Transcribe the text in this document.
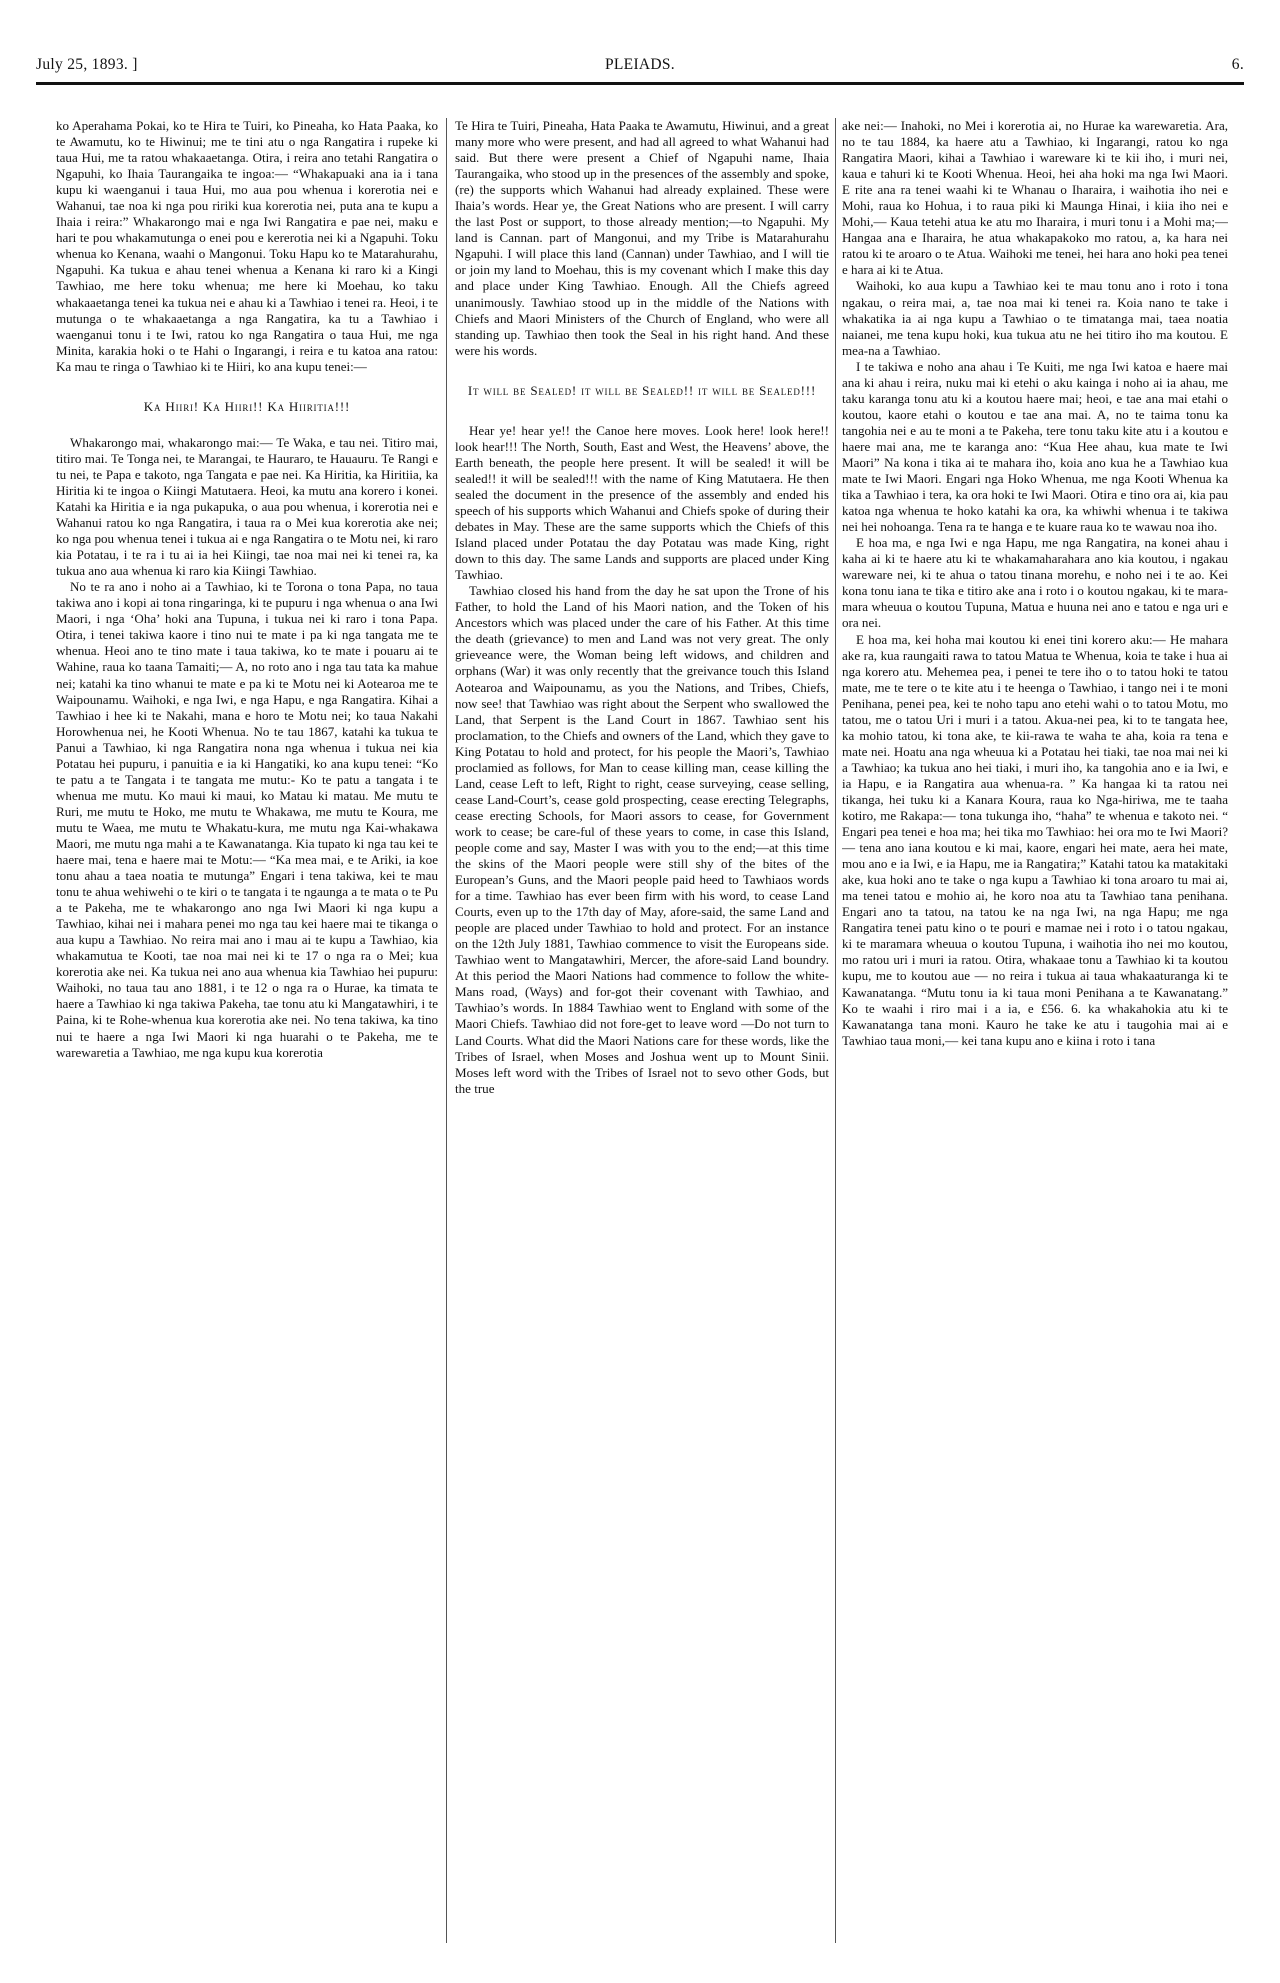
July 25, 1893. ]	PLEIADS.	6.

ko Aperahama Pokai, ko te Hira te Tuiri, ko Pineaha, ko Hata Paaka, ko te Awamutu, ko te Hiwinui; me te tini atu o nga Rangatira i rupeke ki taua Hui, me ta ratou whakaaetanga. Otira, i reira ano tetahi Rangatira o Ngapuhi, ko Ihaia Taurangaika te ingoa:— “Whakapuaki ana ia i tana kupu ki waenganui i taua Hui, mo aua pou whenua i korerotia nei e Wahanui, tae noa ki nga pou ririki kua korerotia nei, puta ana te kupu a Ihaia i reira:” Whakarongo mai e nga Iwi Rangatira e pae nei, maku e hari te pou whakamutunga o enei pou e kererotia nei ki a Ngapuhi. Toku whenua ko Kenana, waahi o Mangonui. Toku Hapu ko te Matarahurahu, Ngapuhi. Ka tukua e ahau tenei whenua a Kenana ki raro ki a Kingi Tawhiao, me here toku whenua; me here ki Moehau, ko taku whakaaetanga tenei ka tukua nei e ahau ki a Tawhiao i tenei ra. Heoi, i te mutunga o te whakaaetanga a nga Rangatira, ka tu a Tawhiao i waenganui tonu i te Iwi, ratou ko nga Rangatira o taua Hui, me nga Minita, karakia hoki o te Hahi o Ingarangi, i reira e tu katoa ana ratou: Ka mau te ringa o Tawhiao ki te Hiiri, ko ana kupu tenei:—

Ka Hiiri! Ka Hiiri!! Ka Hiiritia!!!

Whakarongo mai, whakarongo mai:— Te Waka, e tau nei. Titiro mai, titiro mai. Te Tonga nei, te Marangai, te Hauraro, te Hauauru. Te Rangi e tu nei, te Papa e takoto, nga Tangata e pae nei. Ka Hiritia, ka Hiritiia, ka Hiritia ki te ingoa o Kiingi Matutaera. Heoi, ka mutu ana korero i konei. Katahi ka Hiritia e ia nga pukapuka, o aua pou whenua, i korerotia nei e Wahanui ratou ko nga Rangatira, i taua ra o Mei kua korerotia ake nei; ko nga pou whenua tenei i tukua ai e nga Rangatira o te Motu nei, ki raro kia Potatau, i te ra i tu ai ia hei Kiingi, tae noa mai nei ki tenei ra, ka tukua ano aua whenua ki raro kia Kiingi Tawhiao.

No te ra ano i noho ai a Tawhiao, ki te Torona o tona Papa, no taua takiwa ano i kopi ai tona ringaringa, ki te pupuru i nga whenua o ana Iwi Maori, i nga ‘Oha’ hoki ana Tupuna, i tukua nei ki raro i tona Papa. Otira, i tenei takiwa kaore i tino nui te mate i pa ki nga tangata me te whenua. Heoi ano te tino mate i taua takiwa, ko te mate i pouaru ai te Wahine, raua ko taana Tamaiti;— A, no roto ano i nga tau tata ka mahue nei; katahi ka tino whanui te mate e pa ki te Motu nei ki Aotearoa me te Waipounamu. Waihoki, e nga Iwi, e nga Hapu, e nga Rangatira. Kihai a Tawhiao i hee ki te Nakahi, mana e horo te Motu nei; ko taua Nakahi Horowhenua nei, he Kooti Whenua. No te tau 1867, katahi ka tukua te Panui a Tawhiao, ki nga Rangatira nona nga whenua i tukua nei kia Potatau hei pupuru, i panuitia e ia ki Hangatiki, ko ana kupu tenei: “Ko te patu a te Tangata i te tangata me mutu:- Ko te patu a tangata i te whenua me mutu. Ko maui ki maui, ko Matau ki matau. Me mutu te Ruri, me mutu te Hoko, me mutu te Whakawa, me mutu te Koura, me mutu te Waea, me mutu te Whakatu-kura, me mutu nga Kai-whakawa Maori, me mutu nga mahi a te Kawanatanga. Kia tupato ki nga tau kei te haere mai, tena e haere mai te Motu:— “Ka mea mai, e te Ariki, ia koe tonu ahau a taea noatia te mutunga” Engari i tena takiwa, kei te mau tonu te ahua wehiwehi o te kiri o te tangata i te ngaunga a te mata o te Pu a te Pakeha, me te whakarongo ano nga Iwi Maori ki nga kupu a Tawhiao, kihai nei i mahara penei mo nga tau kei haere mai te tikanga o aua kupu a Tawhiao. No reira mai ano i mau ai te kupu a Tawhiao, kia whakamutua te Kooti, tae noa mai nei ki te 17 o nga ra o Mei; kua korerotia ake nei. Ka tukua nei ano aua whenua kia Tawhiao hei pupuru: Waihoki, no taua tau ano 1881, i te 12 o nga ra o Hurae, ka timata te haere a Tawhiao ki nga takiwa Pakeha, tae tonu atu ki Mangatawhiri, i te Paina, ki te Rohe-whenua kua korerotia ake nei. No tena takiwa, ka tino nui te haere a nga Iwi Maori ki nga huarahi o te Pakeha, me te warewaretia a Tawhiao, me nga kupu kua korerotia

Te Hira te Tuiri, Pineaha, Hata Paaka te Awamutu, Hiwinui, and a great many more who were present, and had all agreed to what Wahanui had said. But there were present a Chief of Ngapuhi name, Ihaia Taurangaika, who stood up in the presences of the assembly and spoke, (re) the supports which Wahanui had already explained. These were Ihaia’s words. Hear ye, the Great Nations who are present. I will carry the last Post or support, to those already mention;—to Ngapuhi. My land is Cannan. part of Mangonui, and my Tribe is Matarahurahu Ngapuhi. I will place this land (Cannan) under Tawhiao, and I will tie or join my land to Moehau, this is my covenant which I make this day and place under King Tawhiao. Enough. All the Chiefs agreed unanimously. Tawhiao stood up in the middle of the Nations with Chiefs and Maori Ministers of the Church of England, who were all standing up. Tawhiao then took the Seal in his right hand. And these were his words.

It will be Sealed! it will be Sealed!! it will be Sealed!!!

Hear ye! hear ye!! the Canoe here moves. Look here! look here!! look hear!!! The North, South, East and West, the Heavens’ above, the Earth beneath, the people here present. It will be sealed! it will be sealed!! it will be sealed!!! with the name of King Matutaera. He then sealed the document in the presence of the assembly and ended his speech of his supports which Wahanui and Chiefs spoke of during their debates in May. These are the same supports which the Chiefs of this Island placed under Potatau the day Potatau was made King, right down to this day. The same Lands and supports are placed under King Tawhiao.

Tawhiao closed his hand from the day he sat upon the Trone of his Father, to hold the Land of his Maori nation, and the Token of his Ancestors which was placed under the care of his Father. At this time the death (grievance) to men and Land was not very great. The only grieveance were, the Woman being left widows, and children and orphans (War) it was only recently that the greivance touch this Island Aotearoa and Waipounamu, as you the Nations, and Tribes, Chiefs, now see! that Tawhiao was right about the Serpent who swallowed the Land, that Serpent is the Land Court in 1867. Tawhiao sent his proclamation, to the Chiefs and owners of the Land, which they gave to King Potatau to hold and protect, for his people the Maori’s, Tawhiao proclamied as follows, for Man to cease killing man, cease killing the Land, cease Left to left, Right to right, cease surveying, cease selling, cease Land-Court’s, cease gold prospecting, cease erecting Telegraphs, cease erecting Schools, for Maori assors to cease, for Government work to cease; be care-ful of these years to come, in case this Island, people come and say, Master I was with you to the end;—at this time the skins of the Maori people were still shy of the bites of the European’s Guns, and the Maori people paid heed to Tawhiaos words for a time. Tawhiao has ever been firm with his word, to cease Land Courts, even up to the 17th day of May, afore-said, the same Land and people are placed under Tawhiao to hold and protect. For an instance on the 12th July 1881, Tawhiao commence to visit the Europeans side. Tawhiao went to Mangatawhiri, Mercer, the afore-said Land boundry. At this period the Maori Nations had commence to follow the white-Mans road, (Ways) and for-got their covenant with Tawhiao, and Tawhiao’s words. In 1884 Tawhiao went to England with some of the Maori Chiefs. Tawhiao did not fore-get to leave word —Do not turn to Land Courts. What did the Maori Nations care for these words, like the Tribes of Israel, when Moses and Joshua went up to Mount Sinii. Moses left word with the Tribes of Israel not to sevo other Gods, but the true

ake nei:— Inahoki, no Mei i korerotia ai, no Hurae ka warewaretia. Ara, no te tau 1884, ka haere atu a Tawhiao, ki Ingarangi, ratou ko nga Rangatira Maori, kihai a Tawhiao i wareware ki te kii iho, i muri nei, kaua e tahuri ki te Kooti Whenua. Heoi, hei aha hoki ma nga Iwi Maori. E rite ana ra tenei waahi ki te Whanau o Iharaira, i waihotia iho nei e Mohi, raua ko Hohua, i to raua piki ki Maunga Hinai, i kiia iho nei e Mohi,— Kaua tetehi atua ke atu mo Iharaira, i muri tonu i a Mohi ma;— Hangaa ana e Iharaira, he atua whakapakoko mo ratou, a, ka hara nei ratou ki te aroaro o te Atua. Waihoki me tenei, hei hara ano hoki pea tenei e hara ai ki te Atua.

Waihoki, ko aua kupu a Tawhiao kei te mau tonu ano i roto i tona ngakau, o reira mai, a, tae noa mai ki tenei ra. Koia nano te take i whakatika ia ai nga kupu a Tawhiao o te timatanga mai, taea noatia naianei, me tena kupu hoki, kua tukua atu ne hei titiro iho ma koutou. E mea-na a Tawhiao.

I te takiwa e noho ana ahau i Te Kuiti, me nga Iwi katoa e haere mai ana ki ahau i reira, nuku mai ki etehi o aku kainga i noho ai ia ahau, me taku karanga tonu atu ki a koutou haere mai; heoi, e tae ana mai etahi o koutou, kaore etahi o koutou e tae ana mai. A, no te taima tonu ka tangohia nei e au te moni a te Pakeha, tere tonu taku kite atu i a koutou e haere mai ana, me te karanga ano: “Kua Hee ahau, kua mate te Iwi Maori” Na kona i tika ai te mahara iho, koia ano kua he a Tawhiao kua mate te Iwi Maori. Engari nga Hoko Whenua, me nga Kooti Whenua ka tika a Tawhiao i tera, ka ora hoki te Iwi Maori. Otira e tino ora ai, kia pau katoa nga whenua te hoko katahi ka ora, ka whiwhi whenua i te takiwa nei hei nohoanga. Tena ra te hanga e te kuare raua ko te wawau noa iho.

E hoa ma, e nga Iwi e nga Hapu, me nga Rangatira, na konei ahau i kaha ai ki te haere atu ki te whakamaharahara ano kia koutou, i ngakau wareware nei, ki te ahua o tatou tinana morehu, e noho nei i te ao. Kei kona tonu iana te tika e titiro ake ana i roto i o koutou ngakau, ki te mara-mara wheuua o koutou Tupuna, Matua e huuna nei ano e tatou e nga uri e ora nei.

E hoa ma, kei hoha mai koutou ki enei tini korero aku:— He mahara ake ra, kua raungaiti rawa to tatou Matua te Whenua, koia te take i hua ai nga korero atu. Mehemea pea, i penei te tere iho o to tatou hoki te tatou mate, me te tere o te kite atu i te heenga o Tawhiao, i tango nei i te moni Penihana, penei pea, kei te noho tapu ano etehi wahi o to tatou Motu, mo tatou, me o tatou Uri i muri i a tatou. Akua-nei pea, ki to te tangata hee, ka mohio tatou, ki tona ake, te kii-rawa te waha te aha, koia ra tena e mate nei. Hoatu ana nga wheuua ki a Potatau hei tiaki, tae noa mai nei ki a Tawhiao; ka tukua ano hei tiaki, i muri iho, ka tangohia ano e ia Iwi, e ia Hapu, e ia Rangatira aua whenua-ra. ” Ka hangaa ki ta ratou nei tikanga, hei tuku ki a Kanara Koura, raua ko Nga-hiriwa, me te taaha kotiro, me Rakapa:— tona tukunga iho, “haha” te whenua e takoto nei. “ Engari pea tenei e hoa ma; hei tika mo Tawhiao: hei ora mo te Iwi Maori?— tena ano iana koutou e ki mai, kaore, engari hei mate, aera hei mate, mou ano e ia Iwi, e ia Hapu, me ia Rangatira;” Katahi tatou ka matakitaki ake, kua hoki ano te take o nga kupu a Tawhiao ki tona aroaro tu mai ai, ma tenei tatou e mohio ai, he koro noa atu ta Tawhiao tana penihana. Engari ano ta tatou, na tatou ke na nga Iwi, na nga Hapu; me nga Rangatira tenei patu kino o te pouri e mamae nei i roto i o tatou ngakau, ki te maramara wheuua o koutou Tupuna, i waihotia iho nei mo koutou, mo ratou uri i muri ia ratou. Otira, whakaae tonu a Tawhiao ki ta koutou kupu, me to koutou aue — no reira i tukua ai taua whakaaturanga ki te Kawanatanga. “Mutu tonu ia ki taua moni Penihana a te Kawanatang.” Ko te waahi i riro mai i a ia, e £56. 6. ka whakahokia atu ki te Kawanatanga tana moni. Kauro he take ke atu i taugohia mai ai e Tawhiao taua moni,— kei tana kupu ano e kiina i roto i tana
